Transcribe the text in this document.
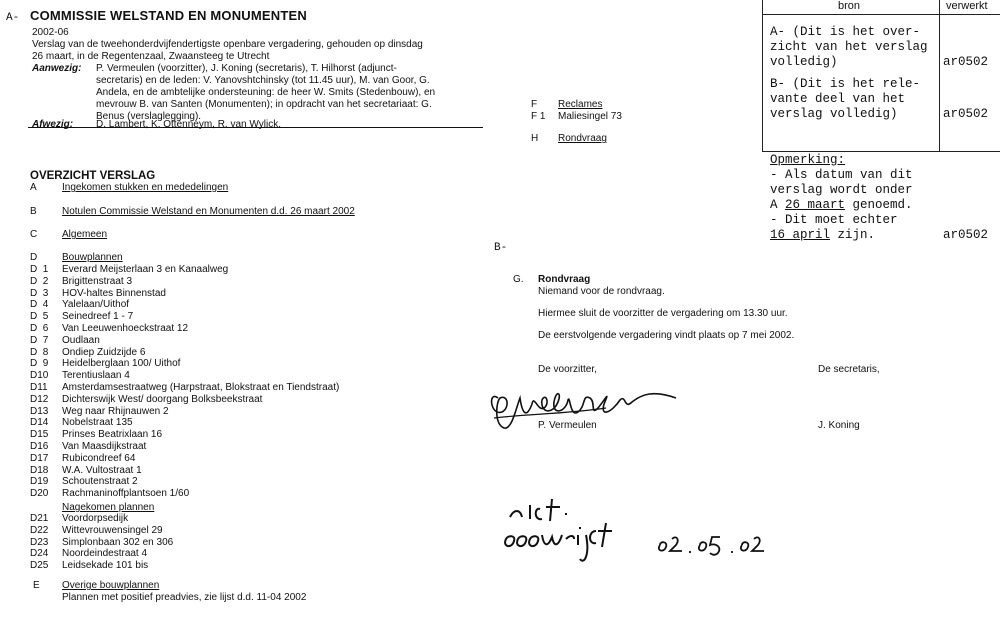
A- COMMISSIE WELSTAND EN MONUMENTEN
2002-06
Verslag van de tweehonderdvijfendertigste openbare vergadering, gehouden op dinsdag
26 maart, in de Regentenzaal, Zwaansteeg te Utrecht
Aanwezig: P. Vermeulen (voorzitter), J. Koning (secretaris), T. Hilhorst (adjunct-
secretaris) en de leden: V. Yanovshtchinsky (tot 11.45 uur), M. van Goor, G.
Andela, en de ambtelijke ondersteuning: de heer W. Smits (Stedenbouw), en
mevrouw B. van Santen (Monumenten); in opdracht van het secretariaat: G.
Benus (verslaglegging).
Afwezig: D. Lambert, K. Ottenneym, R. van Wylick.
OVERZICHT VERSLAG
A	Ingekomen stukken en mededelingen
B	Notulen Commissie Welstand en Monumenten d.d. 26 maart 2002
C Algemeen
D Bouwplannen
D  1 Everard Meijsterlaan 3 en Kanaalweg
D  2 Brigittenstraat 3
D  3 HOV-haltes Binnenstad
D  4 Yalelaan/Uithof
D  5 Seinedreef 1 - 7
D  6 Van Leeuwenhoeckstraat 12
D  7 Oudlaan
D  8 Ondiep Zuidzijde 6
D  9 Heidelberglaan 100/ Uithof
D10 Terentiuslaan 4
D11 Amsterdamsestraatweg (Harpstraat, Blokstraat en Tiendstraat)
D12 Dichterswijk West/ doorgang Bolksbeekstraat
D13 Weg naar Rhijnauwen 2
D14 Nobelstraat 135
D15 Prinses Beatrixlaan 16
D16 Van Maasdijkstraat
D17 Rubicondreef 64
D18 W.A. Vultostraat 1
D19 Schoutenstraat 2
D20 Rachmaninoffplantsoen 1/60
Nagekomen plannen
D21 Voordorpsedijk
D22 Wittevrouwensingel 29
D23 Simplonbaan 302 en 306
D24 Noordeindestraat 4
D25 Leidsekade 101 bis
E Overige bouwplannen
Plannen met positief preadvies, zie lijst d.d. 11-04 2002
F Reclames
F 1 Maliesingel 73
H Rondvraag
B-
G. Rondvraag
Niemand voor de rondvraag.
Hiermee sluit de voorzitter de vergadering om 13.30 uur.
De eerstvolgende vergadering vindt plaats op 7 mei 2002.
De voorzitter,	De secretaris,
P. Vermeulen	J. Koning
bron	verwerkt
A- (Dit is het over-
zicht van het verslag
volledig)	ar0502
B- (Dit is het rele-
vante deel van het
verslag volledig)	ar0502
Opmerking:
- Als datum van dit
verslag wordt onder
A 26 maart genoemd.
- Dit moet echter
16 april zijn.	ar0502
